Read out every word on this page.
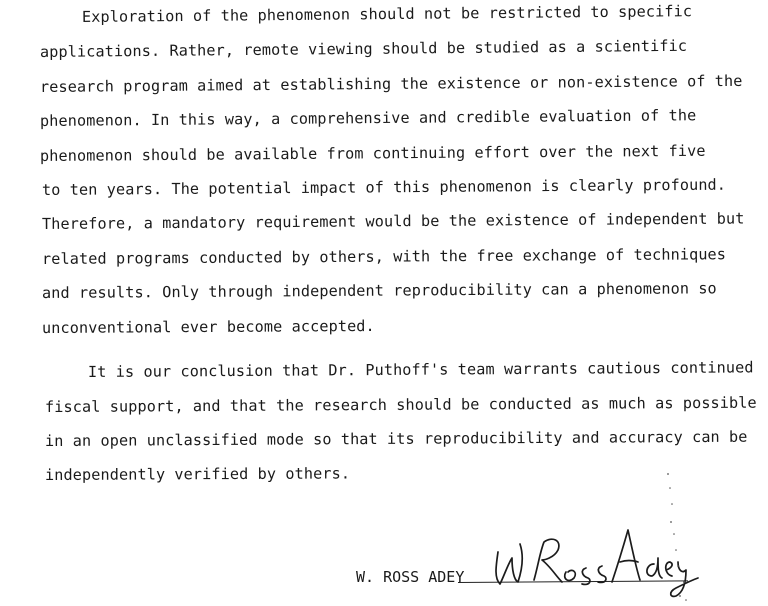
Exploration of the phenomenon should not be restricted to specific
applications. Rather, remote viewing should be studied as a scientific
research program aimed at establishing the existence or non-existence of the
phenomenon. In this way, a comprehensive and credible evaluation of the
phenomenon should be available from continuing effort over the next five
to ten years. The potential impact of this phenomenon is clearly profound.
Therefore, a mandatory requirement would be the existence of independent but
related programs conducted by others, with the free exchange of techniques
and results. Only through independent reproducibility can a phenomenon so
unconventional ever become accepted.
It is our conclusion that Dr. Puthoff's team warrants cautious continued
fiscal support, and that the research should be conducted as much as possible
in an open unclassified mode so that its reproducibility and accuracy can be
independently verified by others.
W. ROSS ADEY
